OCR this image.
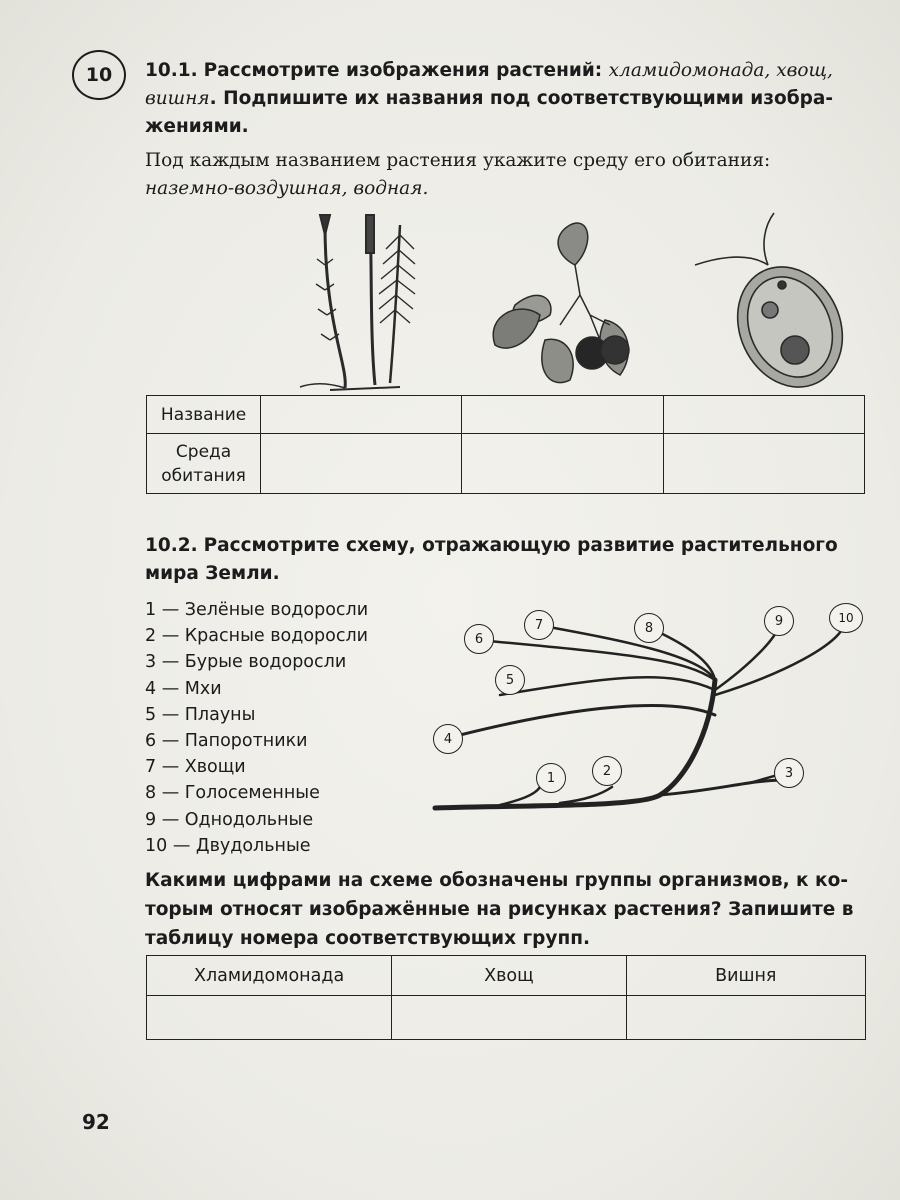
10 10.1. Рассмотрите изображения растений: хламидомонада, хвощ,
вишня. Подпишите их названия под соответствующими изобра-
жениями.
Под каждым названием растения укажите среду его обитания:
наземно-воздушная, водная.
Название			

Среда
обитания			

10.2. Рассмотрите схему, отражающую развитие растительного
мира Земли.
1 — Зелёные водоросли
2 — Красные водоросли
3 — Бурые водоросли
4 — Мхи
5 — Плауны
6 — Папоротники
7 — Хвощи
8 — Голосеменные
9 — Однодольные
10 — Двудольные
1	2	3
4
5
6
7	8	9	10
Какими цифрами на схеме обозначены группы организмов, к ко-
торым относят изображённые на рисунках растения? Запишите в
таблицу номера соответствующих групп.
Хламидомонада	Хвощ	Вишня

92
